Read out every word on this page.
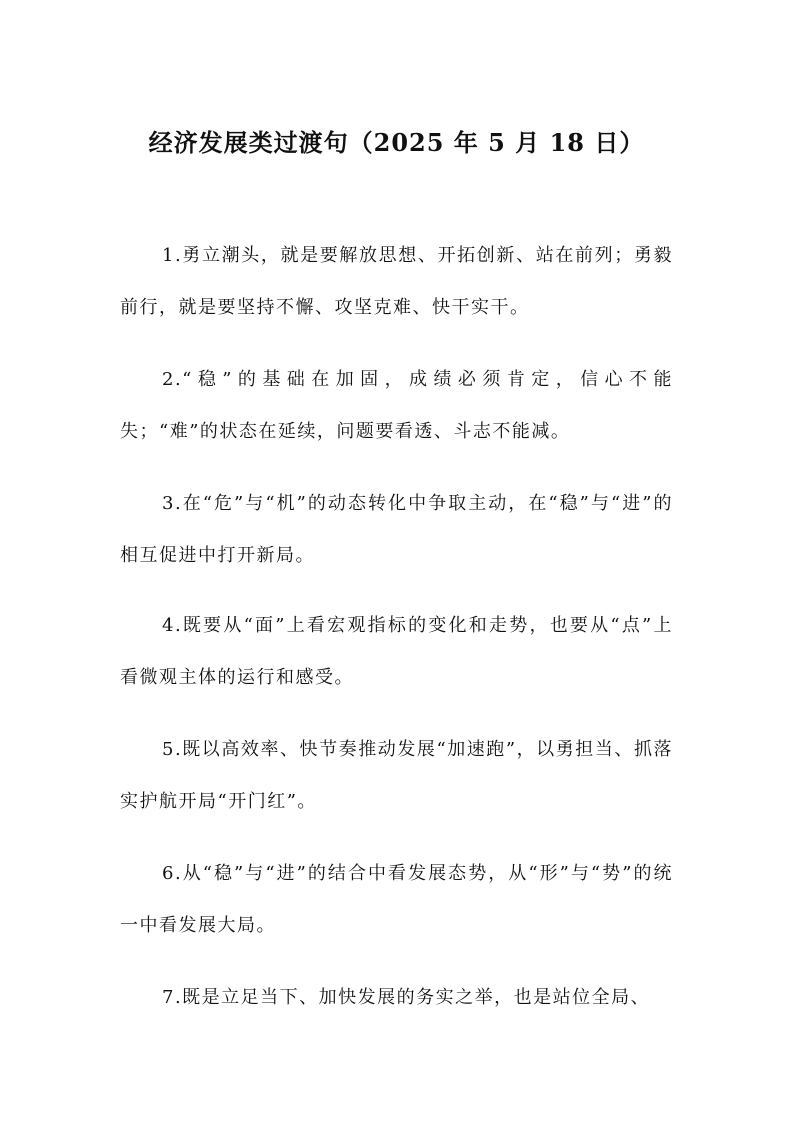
经济发展类过渡句（2025 年 5 月 18 日）

1.勇立潮头，就是要解放思想、开拓创新、站在前列；勇毅前行，就是要坚持不懈、攻坚克难、快干实干。

2.“稳”的基础在加固，成绩必须肯定，信心不能失；“难”的状态在延续，问题要看透、斗志不能减。

3.在“危”与“机”的动态转化中争取主动，在“稳”与“进”的相互促进中打开新局。

4.既要从“面”上看宏观指标的变化和走势，也要从“点”上看微观主体的运行和感受。

5.既以高效率、快节奏推动发展“加速跑”，以勇担当、抓落实护航开局“开门红”。

6.从“稳”与“进”的结合中看发展态势，从“形”与“势”的统一中看发展大局。

7.既是立足当下、加快发展的务实之举，也是站位全局、
